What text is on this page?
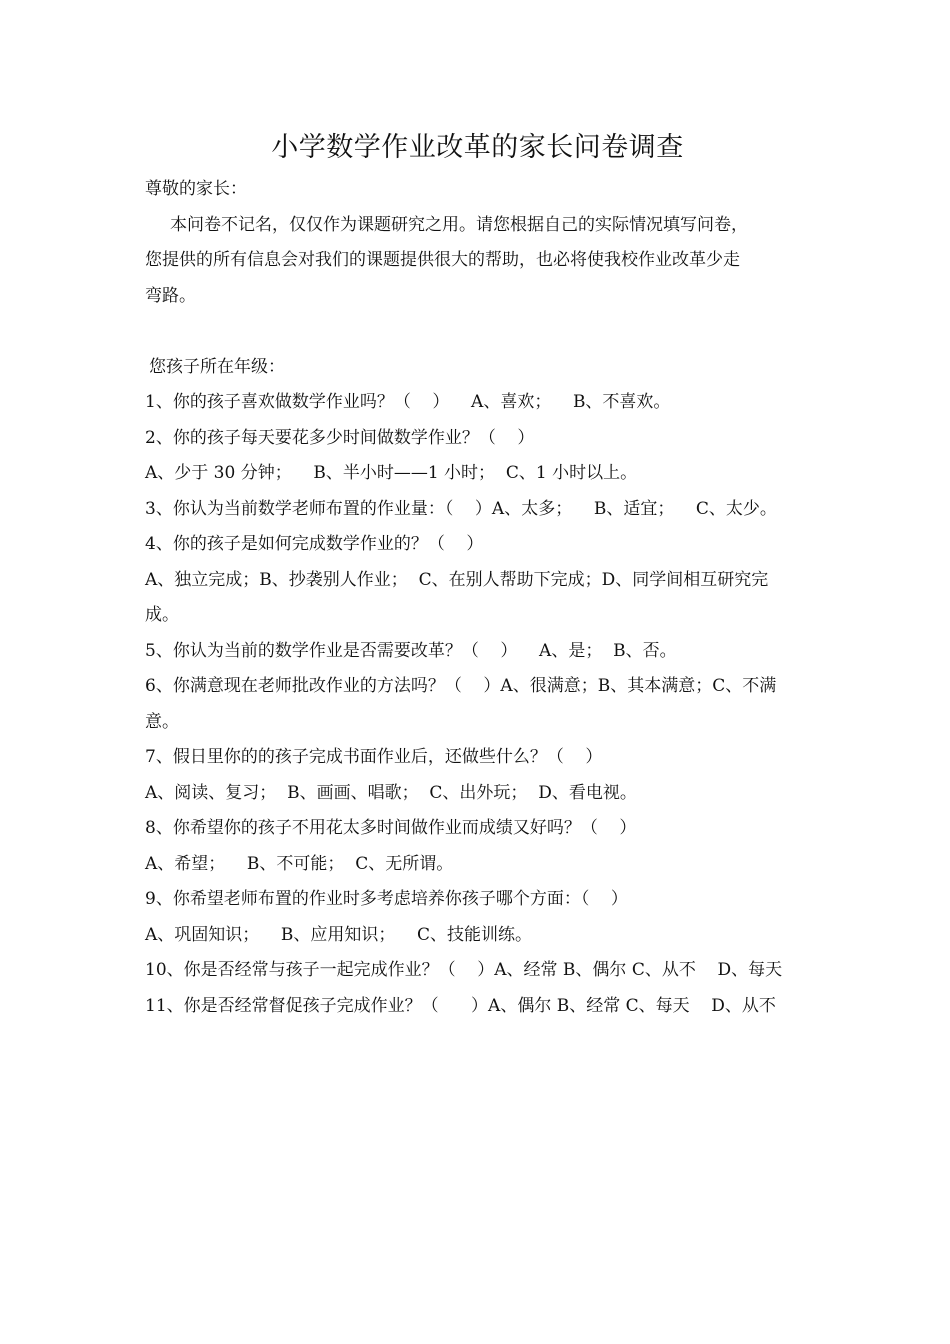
小学数学作业改革的家长问卷调查
尊敬的家长：
本问卷不记名，仅仅作为课题研究之用。请您根据自己的实际情况填写问卷，
您提供的所有信息会对我们的课题提供很大的帮助，也必将使我校作业改革少走
弯路。
您孩子所在年级：
1、你的孩子喜欢做数学作业吗？（    ）    A、喜欢；    B、不喜欢。
2、你的孩子每天要花多少时间做数学作业？（    ）
A、少于 30 分钟；    B、半小时——1 小时；  C、1 小时以上。
3、你认为当前数学老师布置的作业量：（    ）A、太多；    B、适宜；    C、太少。
4、你的孩子是如何完成数学作业的？（    ）
A、独立完成；B、抄袭别人作业；  C、在别人帮助下完成；D、同学间相互研究完
成。
5、你认为当前的数学作业是否需要改革？（    ）    A、是；  B、否。
6、你满意现在老师批改作业的方法吗？（    ）A、很满意；B、其本满意；C、不满
意。
7、假日里你的的孩子完成书面作业后，还做些什么？（    ）
A、阅读、复习；  B、画画、唱歌；  C、出外玩；  D、看电视。
8、你希望你的孩子不用花太多时间做作业而成绩又好吗？（    ）
A、希望；    B、不可能；  C、无所谓。
9、你希望老师布置的作业时多考虑培养你孩子哪个方面：（    ）
A、巩固知识；    B、应用知识；    C、技能训练。
10、你是否经常与孩子一起完成作业？（    ）A、经常 B、偶尔 C、从不    D、每天
11、你是否经常督促孩子完成作业？（      ）A、偶尔 B、经常 C、每天    D、从不
